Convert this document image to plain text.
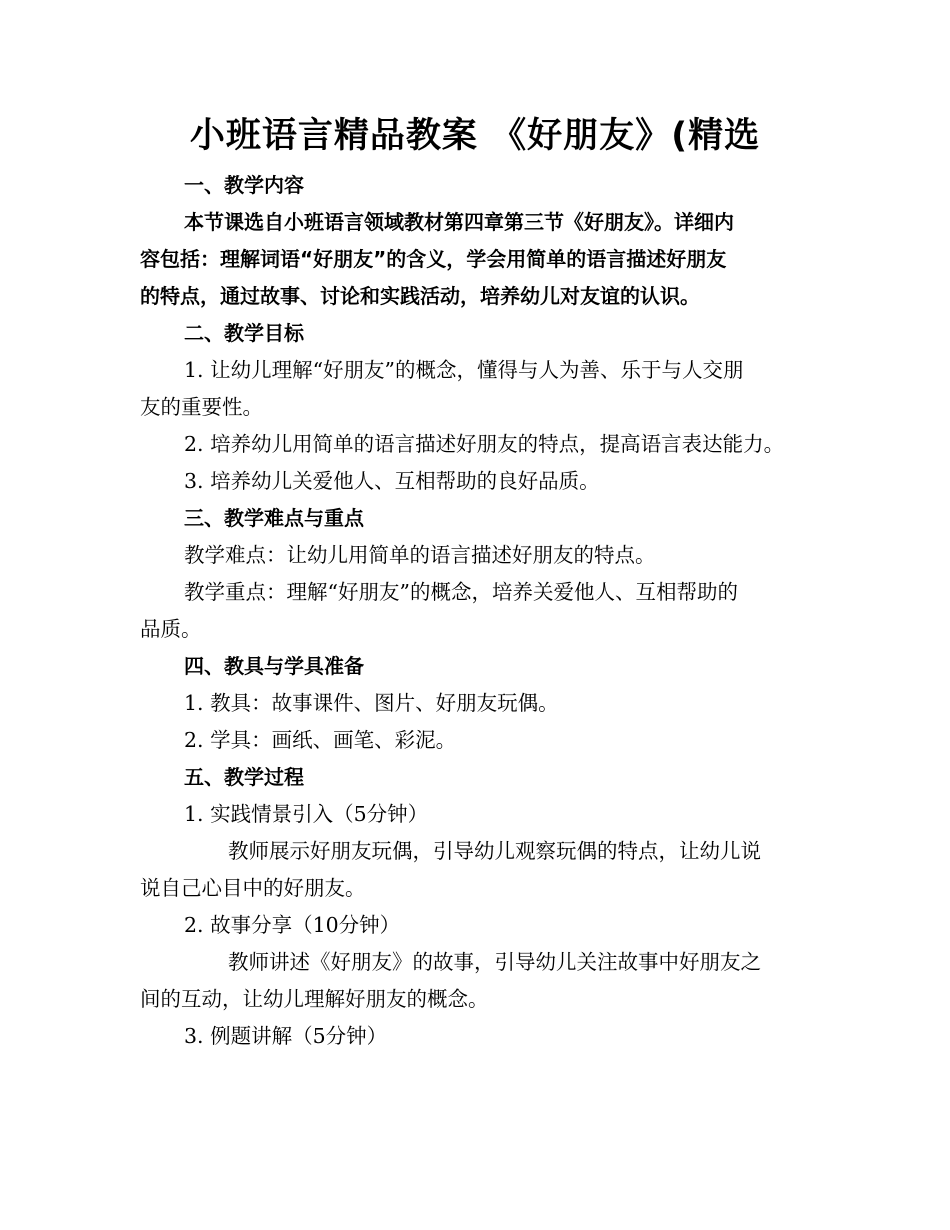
小班语言精品教案 《好朋友》(精选
一、教学内容
本节课选自小班语言领域教材第四章第三节《好朋友》。详细内
容包括：理解词语“好朋友”的含义，学会用简单的语言描述好朋友
的特点，通过故事、讨论和实践活动，培养幼儿对友谊的认识。
二、教学目标
1. 让幼儿理解“好朋友”的概念，懂得与人为善、乐于与人交朋
友的重要性。
2. 培养幼儿用简单的语言描述好朋友的特点，提高语言表达能力。
3. 培养幼儿关爱他人、互相帮助的良好品质。
三、教学难点与重点
教学难点：让幼儿用简单的语言描述好朋友的特点。
教学重点：理解“好朋友”的概念，培养关爱他人、互相帮助的
品质。
四、教具与学具准备
1. 教具：故事课件、图片、好朋友玩偶。
2. 学具：画纸、画笔、彩泥。
五、教学过程
1. 实践情景引入（5分钟）
教师展示好朋友玩偶，引导幼儿观察玩偶的特点，让幼儿说
说自己心目中的好朋友。
2. 故事分享（10分钟）
教师讲述《好朋友》的故事，引导幼儿关注故事中好朋友之
间的互动，让幼儿理解好朋友的概念。
3. 例题讲解（5分钟）
